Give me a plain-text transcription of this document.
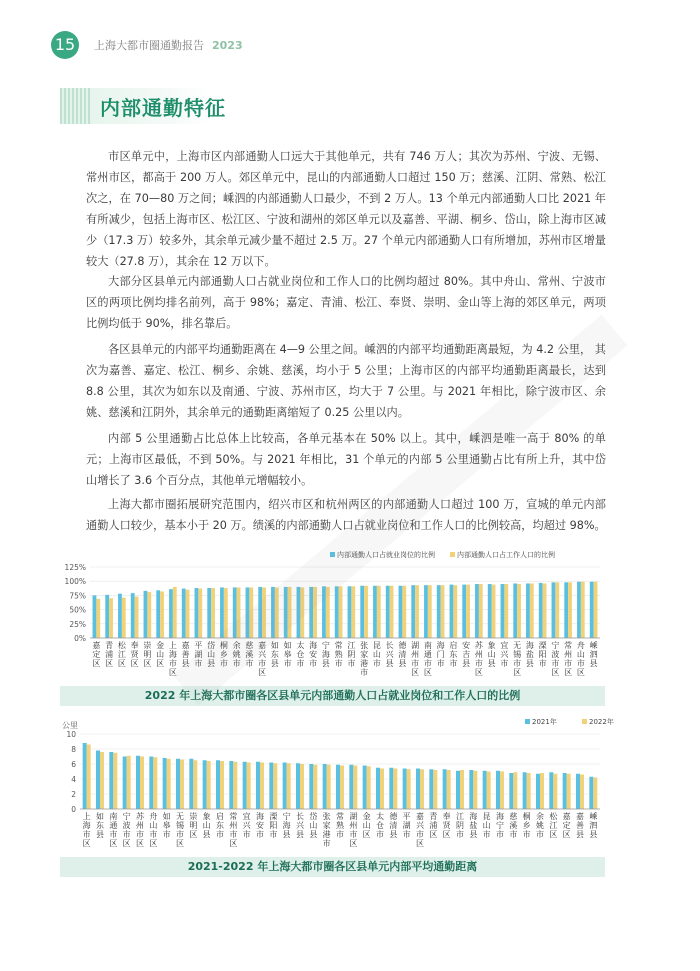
15	上海大都市圈通勤报告 2023
内部通勤特征

市区单元中，上海市区内部通勤人口远大于其他单元，共有 746 万人；其次为苏州、宁波、无锡、常州市区，都高于 200 万人。郊区单元中，昆山的内部通勤人口超过 150 万；慈溪、江阴、常熟、松江次之，在 70—80 万之间；嵊泗的内部通勤人口最少，不到 2 万人。13 个单元内部通勤人口比 2021 年有所减少，包括上海市区、松江区、宁波和湖州的郊区单元以及嘉善、平湖、桐乡、岱山，除上海市区减少（17.3 万）较多外，其余单元减少量不超过 2.5 万。27 个单元内部通勤人口有所增加，苏州市区增量较大（27.8 万），其余在 12 万以下。

大部分区县单元内部通勤人口占就业岗位和工作人口的比例均超过 80%。其中舟山、常州、宁波市区的两项比例均排名前列，高于 98%；嘉定、青浦、松江、奉贤、崇明、金山等上海的郊区单元，两项比例均低于 90%，排名靠后。

各区县单元的内部平均通勤距离在 4—9 公里之间。嵊泗的内部平均通勤距离最短，为 4.2 公里， 其次为嘉善、嘉定、松江、桐乡、余姚、慈溪，均小于 5 公里；上海市区的内部平均通勤距离最长，达到 8.8 公里，其次为如东以及南通、宁波、苏州市区，均大于 7 公里。与 2021 年相比，除宁波市区、余姚、慈溪和江阴外，其余单元的通勤距离缩短了 0.25 公里以内。

内部 5 公里通勤占比总体上比较高，各单元基本在 50% 以上。其中，嵊泗是唯一高于 80% 的单元；上海市区最低，不到 50%。与 2021 年相比，31 个单元的内部 5 公里通勤占比有所上升，其中岱山增长了 3.6 个百分点，其他单元增幅较小。

上海大都市圈拓展研究范围内，绍兴市区和杭州两区的内部通勤人口超过 100 万，宣城的单元内部通勤人口较少，基本小于 20 万。绩溪的内部通勤人口占就业岗位和工作人口的比例较高，均超过 98%。

0%
25%
50%
75%
100%
125%
内部通勤人口占就业岗位的比例	内部通勤人口占工作人口的比例
嘉
定
区
青
浦
区
松
江
区
奉
贤
区
崇
明
区
金
山
区
上
海
市
区
嘉
善
县
平
湖
市
岱
山
县
桐
乡
市
余
姚
市
慈
溪
市
嘉
兴
市
区
如
东
县
如
皋
市
太
仓
市
海
安
市
宁
海
县
常
熟
市
江
阴
市
张
家
港
市
昆
山
市
长
兴
县
德
清
县
湖
州
市
区
南
通
市
区
海
门
市
启
东
市
安
吉
县
苏
州
市
区
象
山
县
宜
兴
市
无
锡
市
区
海
盐
县
溧
阳
市
宁
波
市
区
常
州
市
区
舟
山
市
区
嵊
泗
县
2022 年上海大都市圈各区县单元内部通勤人口占就业岗位和工作人口的比例
0
2
4
6
8
10
公里	2021年	2022年
上
海
市
区
如
东
县
南
通
市
区
宁
波
市
区
苏
州
市
区
舟
山
市
区
如
皋
市
无
锡
市
区
崇
明
区
象
山
县
启
东
市
常
州
市
区
宜
兴
市
海
安
市
溧
阳
市
宁
海
县
长
兴
县
岱
山
县
张
家
港
市
常
熟
市
湖
州
市
区
金
山
区
太
仓
市
德
清
县
平
湖
市
嘉
兴
市
区
青
浦
区
奉
贤
区
江
阴
市
海
盐
县
昆
山
市
海
宁
市
慈
溪
市
桐
乡
市
余
姚
市
松
江
区
嘉
定
区
嘉
善
县
嵊
泗
县
2021-2022 年上海大都市圈各区县单元内部平均通勤距离
